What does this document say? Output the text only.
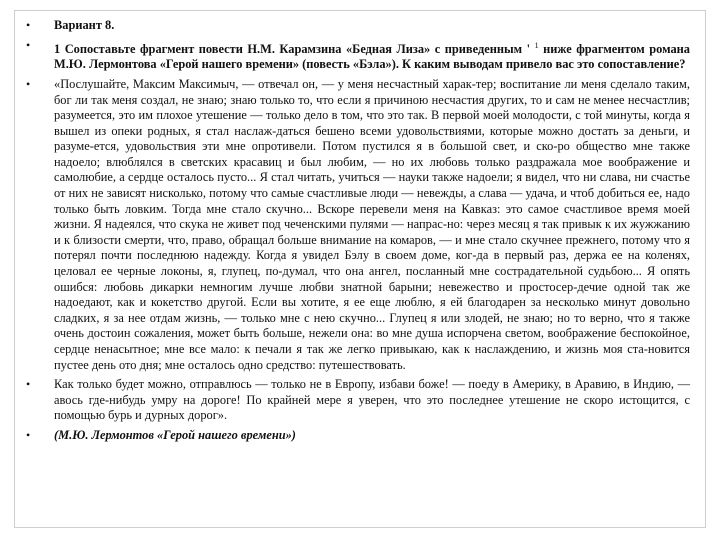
• Вариант 8.
• 1 Сопоставьте фрагмент повести Н.М. Карамзина «Бедная Лиза» с приведенным ' $^1$ ниже фрагментом романа М.Ю. Лермонтова «Герой нашего времени» (повесть «Бэла»). К каким выводам привело вас это сопоставление?
• «Послушайте, Максим Максимыч, — отвечал он, — у меня несчастный харак-тер; воспитание ли меня сделало таким, бог ли так меня создал, не знаю; знаю только то, что если я причиною несчастия других, то и сам не менее несчастлив; разумеется, это им плохое утешение — только дело в том, что это так. В первой моей молодости, с той минуты, когда я вышел из опеки родных, я стал наслаж-даться бешено всеми удовольствиями, которые можно достать за деньги, и разуме-ется, удовольствия эти мне опротивели. Потом пустился я в большой свет, и ско-ро общество мне также надоело; влюблялся в светских красавиц и был любим, — но их любовь только раздражала мое воображение и самолюбие, а сердце осталось пусто... Я стал читать, учиться — науки также надоели; я видел, что ни слава, ни счастье от них не зависят нисколько, потому что самые счастливые люди — невежды, а слава — удача, и чтоб добиться ее, надо только быть ловким. Тогда мне стало скучно... Вскоре перевели меня на Кавказ: это самое счастливое время моей жизни. Я надеялся, что скука не живет под чеченскими пулями — напрас-но: через месяц я так привык к их жужжанию и к близости смерти, что, право, обращал больше внимание на комаров, — и мне стало скучнее прежнего, потому что я потерял почти последнюю надежду. Когда я увидел Бэлу в своем доме, ког-да в первый раз, держа ее на коленях, целовал ее черные локоны, я, глупец, по-думал, что она ангел, посланный мне сострадательной судьбою... Я опять ошибся: любовь дикарки немногим лучше любви знатной барыни; невежество и простосер-дечие одной так же надоедают, как и кокетство другой. Если вы хотите, я ее еще люблю, я ей благодарен за несколько минут довольно сладких, я за нее отдам жизнь, — только мне с нею скучно... Глупец я или злодей, не знаю; но то верно, что я также очень достоин сожаления, может быть больше, нежели она: во мне душа испорчена светом, воображение беспокойное, сердце ненасытное; мне все мало: к печали я так же легко привыкаю, как к наслаждению, и жизнь моя ста-новится пустее день ото дня; мне осталось одно средство: путешествовать.
• Как только будет можно, отправлюсь — только не в Европу, избави боже! — поеду в Америку, в Аравию, в Индию, — авось где-нибудь умру на дороге! По крайней мере я уверен, что это последнее утешение не скоро истощится, с помощью бурь и дурных дорог».
• (М.Ю. Лермонтов «Герой нашего времени»)
